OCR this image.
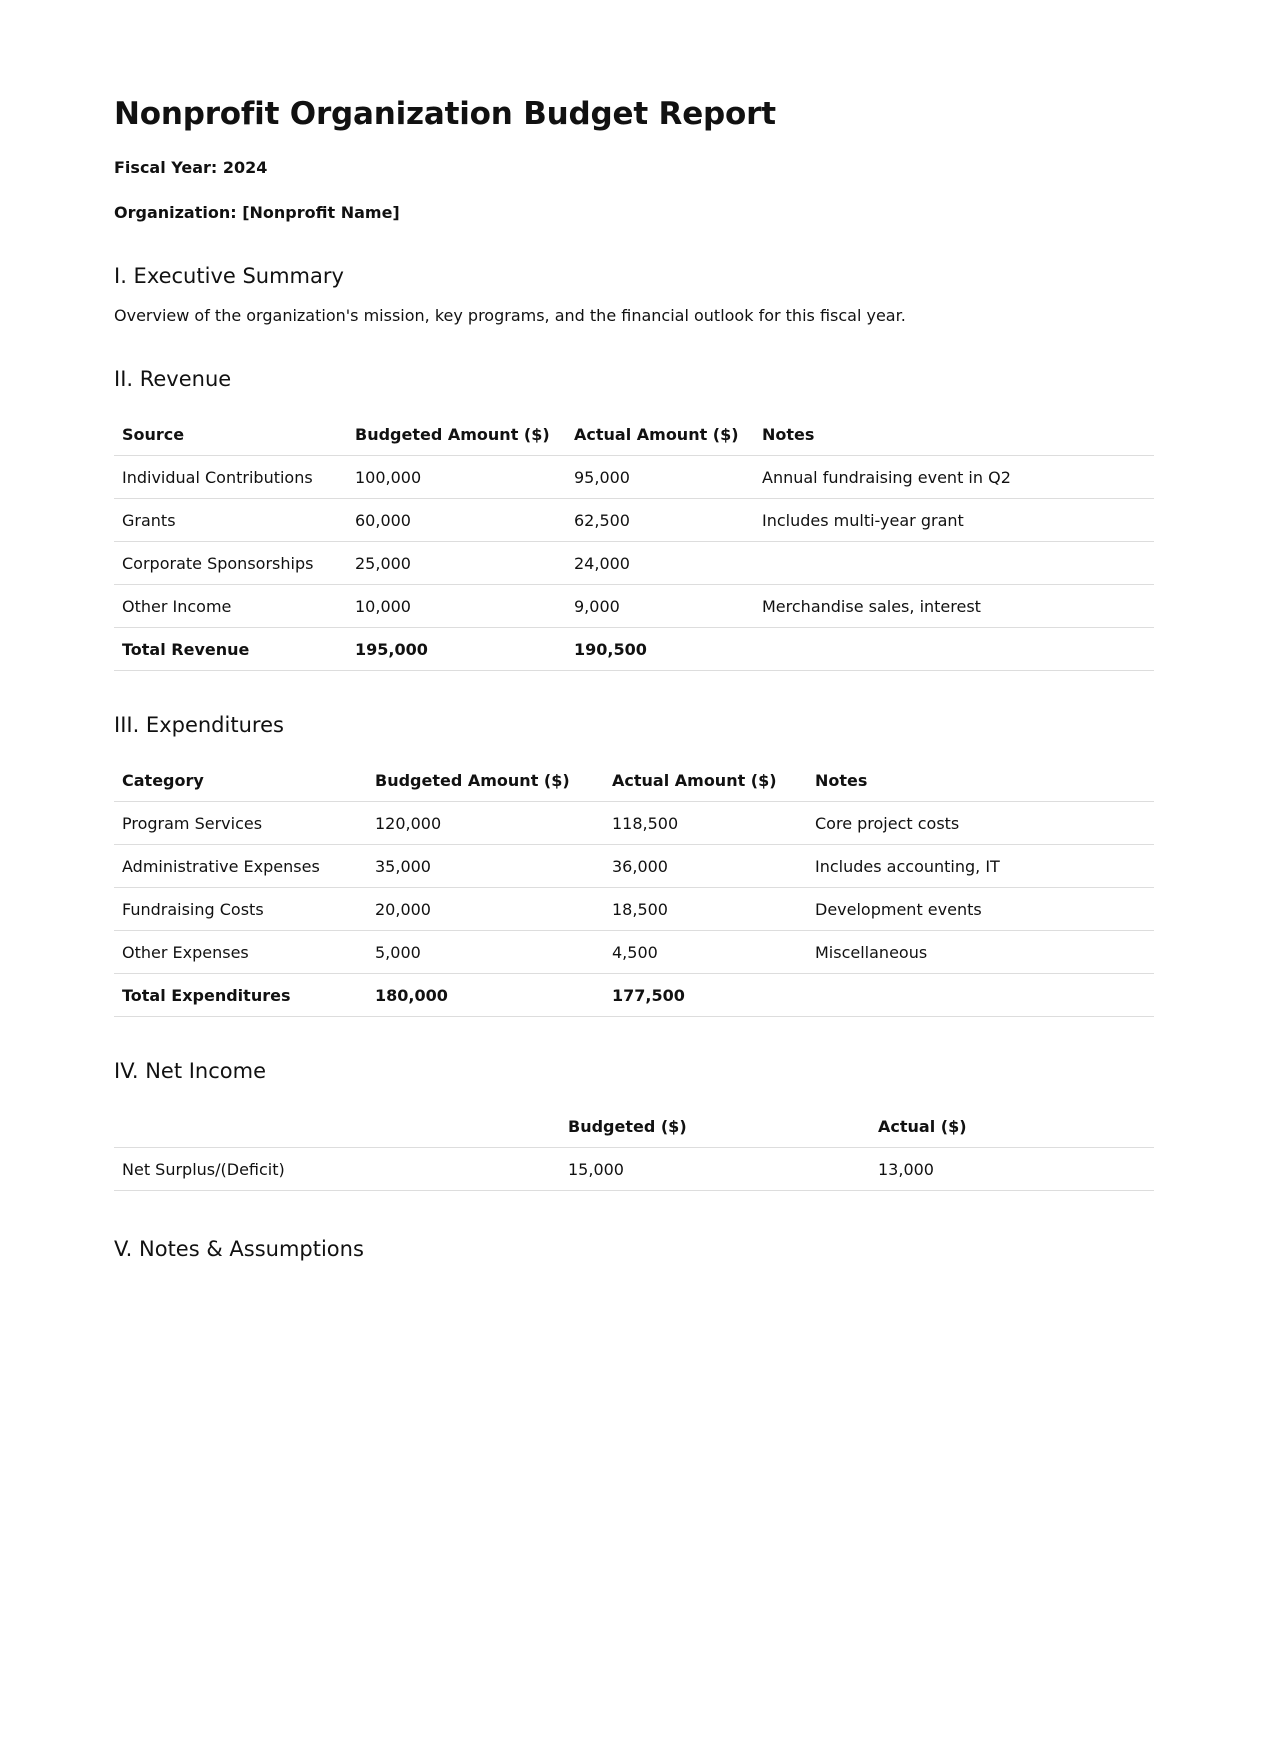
Nonprofit Organization Budget Report

Fiscal Year: 2024

Organization: [Nonprofit Name]

I. Executive Summary

Overview of the organization's mission, key programs, and the financial outlook for this fiscal year.

II. Revenue
Source	Budgeted Amount ($)	Actual Amount ($)	Notes
Individual Contributions	100,000	95,000	Annual fundraising event in Q2
Grants	60,000	62,500	Includes multi-year grant
Corporate Sponsorships	25,000	24,000	
Other Income	10,000	9,000	Merchandise sales, interest
Total Revenue	195,000	190,500	
III. Expenditures
Category	Budgeted Amount ($)	Actual Amount ($)	Notes
Program Services	120,000	118,500	Core project costs
Administrative Expenses	35,000	36,000	Includes accounting, IT
Fundraising Costs	20,000	18,500	Development events
Other Expenses	5,000	4,500	Miscellaneous
Total Expenditures	180,000	177,500	
IV. Net Income
	Budgeted ($)	Actual ($)
Net Surplus/(Deficit)	15,000	13,000
V. Notes & Assumptions
